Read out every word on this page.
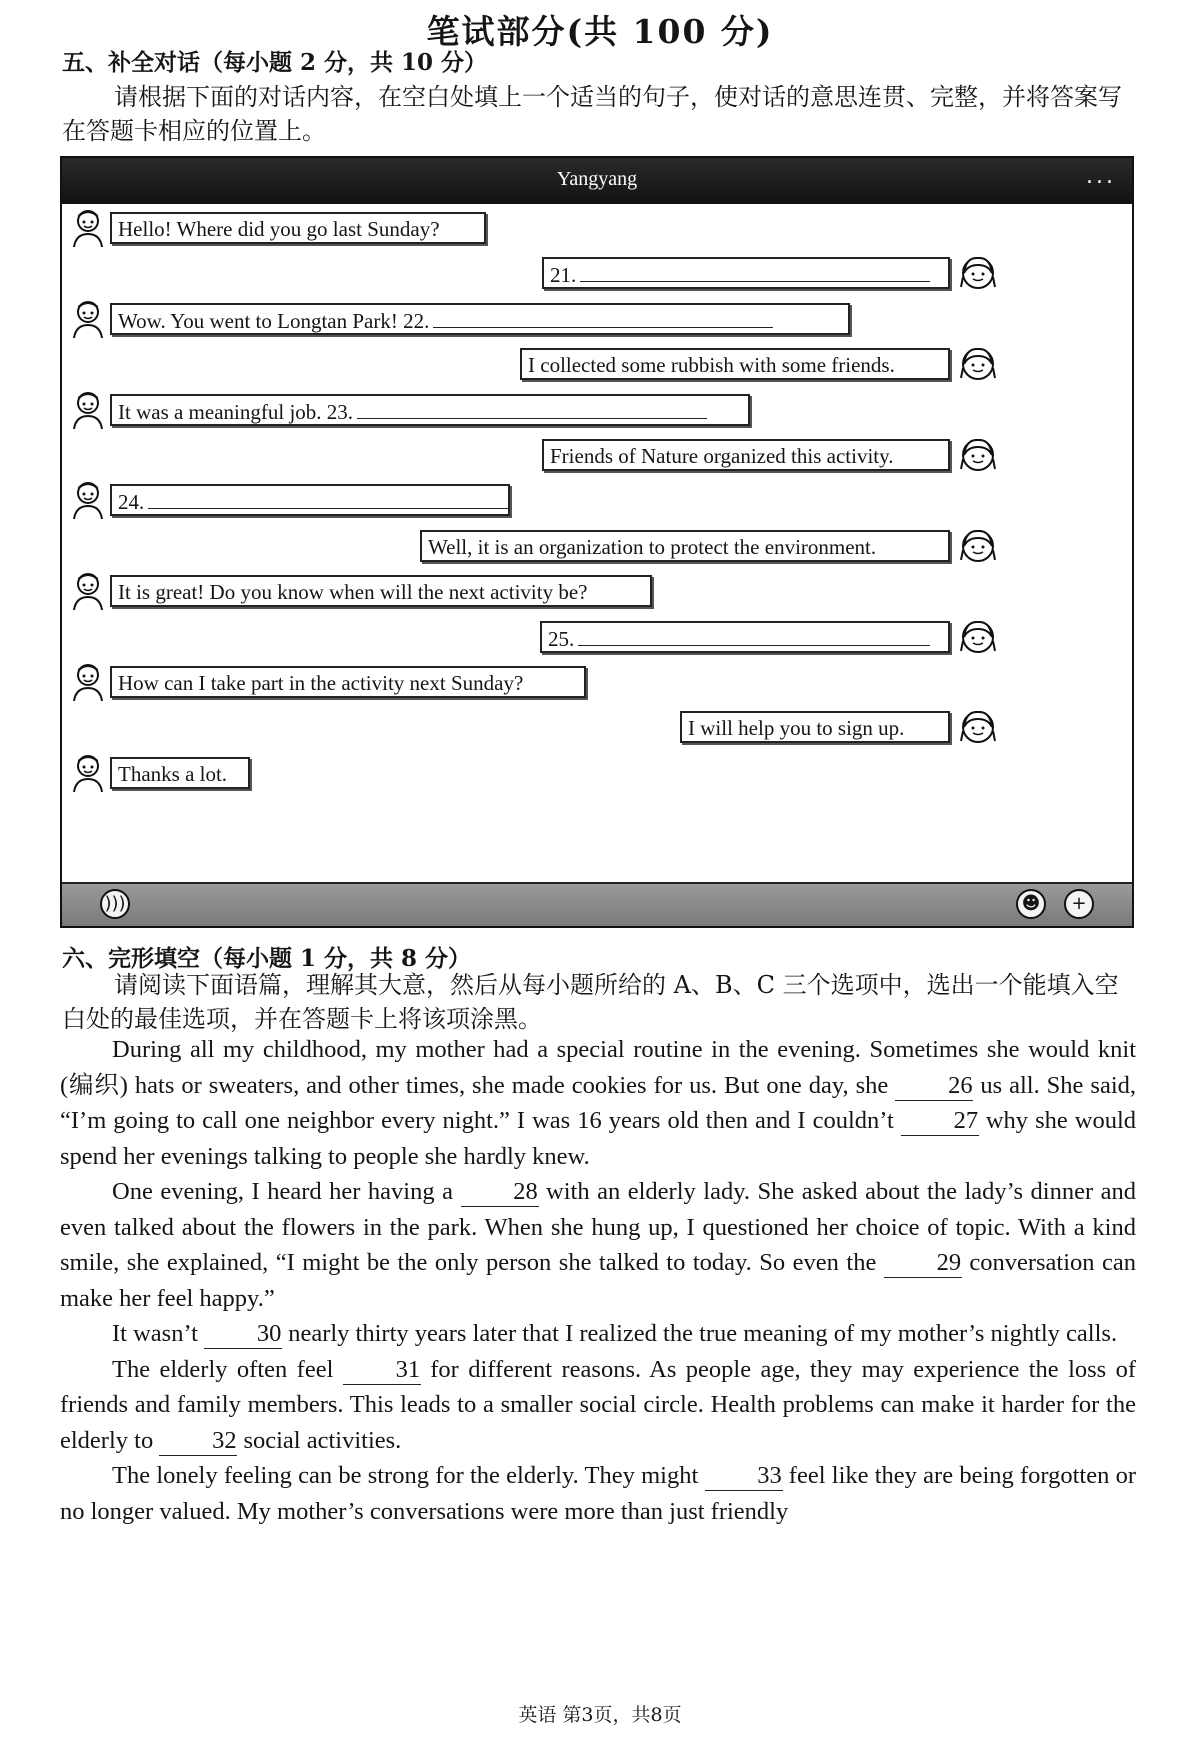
笔试部分(共 100 分)
五、补全对话（每小题 2 分，共 10 分）
请根据下面的对话内容，在空白处填上一个适当的句子，使对话的意思连贯、完整，并将答案写在答题卡相应的位置上。
Yangyang	...
Hello! Where did you go last Sunday?
21.
Wow. You went to Longtan Park! 22.
I collected some rubbish with some friends.
It was a meaningful job. 23.
Friends of Nature organized this activity.
24.
Well, it is an organization to protect the environment.
It is great! Do you know when will the next activity be?
25.
How can I take part in the activity next Sunday?
I will help you to sign up.
Thanks a lot.
)))	☻	+
六、完形填空（每小题 1 分，共 8 分）
请阅读下面语篇，理解其大意，然后从每小题所给的 A、B、C 三个选项中，选出一个能填入空白处的最佳选项，并在答题卡上将该项涂黑。

During all my childhood, my mother had a special routine in the evening. Sometimes she would knit (编织) hats or sweaters, and other times, she made cookies for us. But one day, she 26 us all. She said, “I’m going to call one neighbor every night.” I was 16 years old then and I couldn’t 27 why she would spend her evenings talking to people she hardly knew.

One evening, I heard her having a 28 with an elderly lady. She asked about the lady’s dinner and even talked about the flowers in the park. When she hung up, I questioned her choice of topic. With a kind smile, she explained, “I might be the only person she talked to today. So even the 29 conversation can make her feel happy.”

It wasn’t 30 nearly thirty years later that I realized the true meaning of my mother’s nightly calls.

The elderly often feel	31 for different reasons. As people age, they may experience the loss of friends and family members. This leads to a smaller social circle. Health problems can make it harder for the elderly to 32 social activities.

The lonely feeling can be strong for the elderly. They might 33 feel like they are being forgotten or no longer valued. My mother’s conversations were more than just friendly

英语 第3页，共8页
